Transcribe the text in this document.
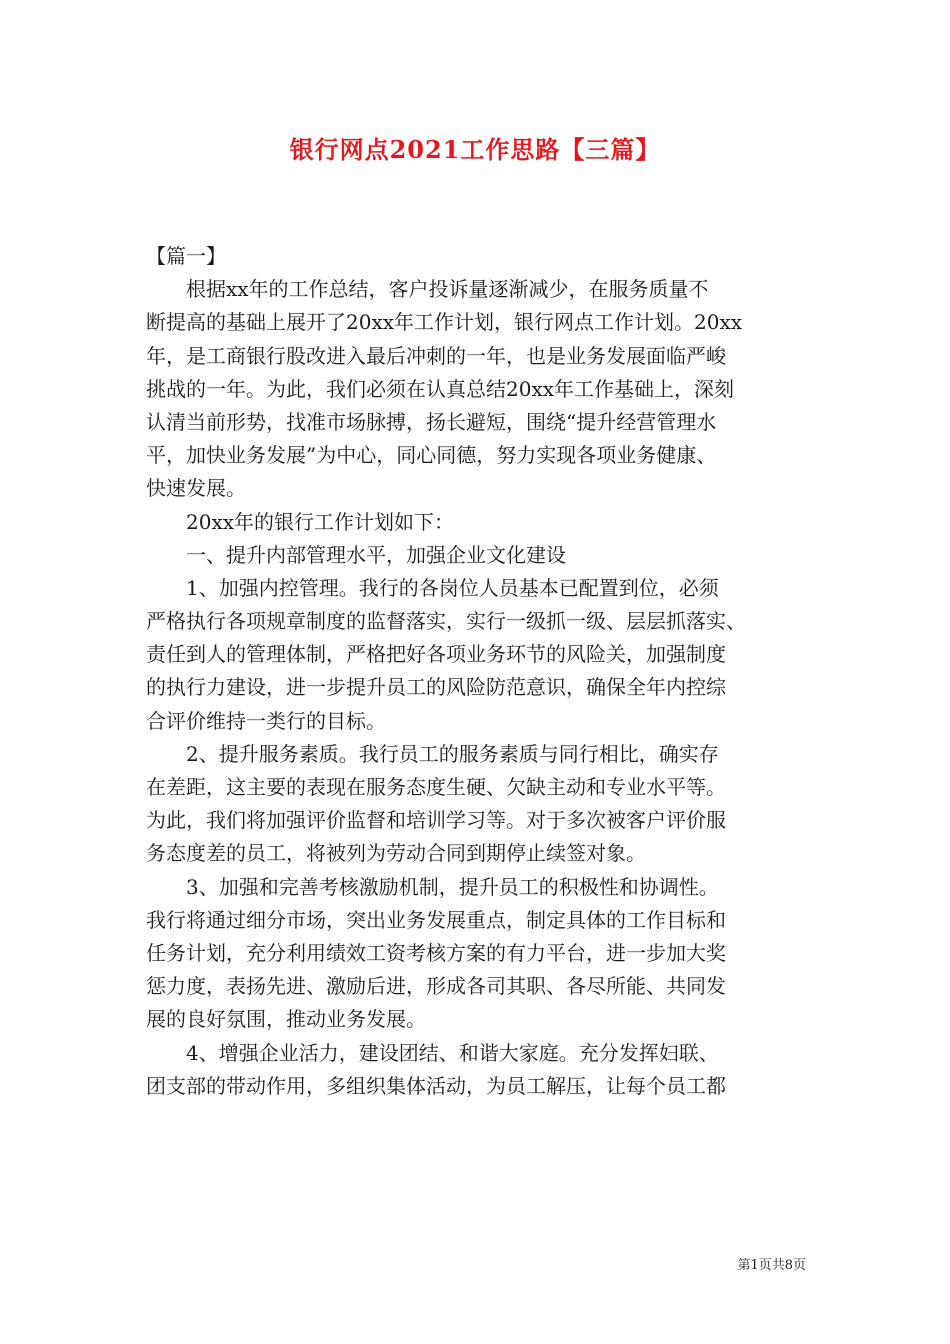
银行网点2021工作思路【三篇】
【篇一】
根据xx年的工作总结，客户投诉量逐渐减少，在服务质量不
断提高的基础上展开了20xx年工作计划，银行网点工作计划。20xx
年，是工商银行股改进入最后冲刺的一年，也是业务发展面临严峻
挑战的一年。为此，我们必须在认真总结20xx年工作基础上，深刻
认清当前形势，找准市场脉搏，扬长避短，围绕“提升经营管理水
平，加快业务发展”为中心，同心同德，努力实现各项业务健康、
快速发展。
20xx年的银行工作计划如下：
一、提升内部管理水平，加强企业文化建设
1、加强内控管理。我行的各岗位人员基本已配置到位，必须
严格执行各项规章制度的监督落实，实行一级抓一级、层层抓落实、
责任到人的管理体制，严格把好各项业务环节的风险关，加强制度
的执行力建设，进一步提升员工的风险防范意识，确保全年内控综
合评价维持一类行的目标。
2、提升服务素质。我行员工的服务素质与同行相比，确实存
在差距，这主要的表现在服务态度生硬、欠缺主动和专业水平等。
为此，我们将加强评价监督和培训学习等。对于多次被客户评价服
务态度差的员工，将被列为劳动合同到期停止续签对象。
3、加强和完善考核激励机制，提升员工的积极性和协调性。
我行将通过细分市场，突出业务发展重点，制定具体的工作目标和
任务计划，充分利用绩效工资考核方案的有力平台，进一步加大奖
惩力度，表扬先进、激励后进，形成各司其职、各尽所能、共同发
展的良好氛围，推动业务发展。
4、增强企业活力，建设团结、和谐大家庭。充分发挥妇联、
团支部的带动作用，多组织集体活动，为员工解压，让每个员工都
第1页共8页
